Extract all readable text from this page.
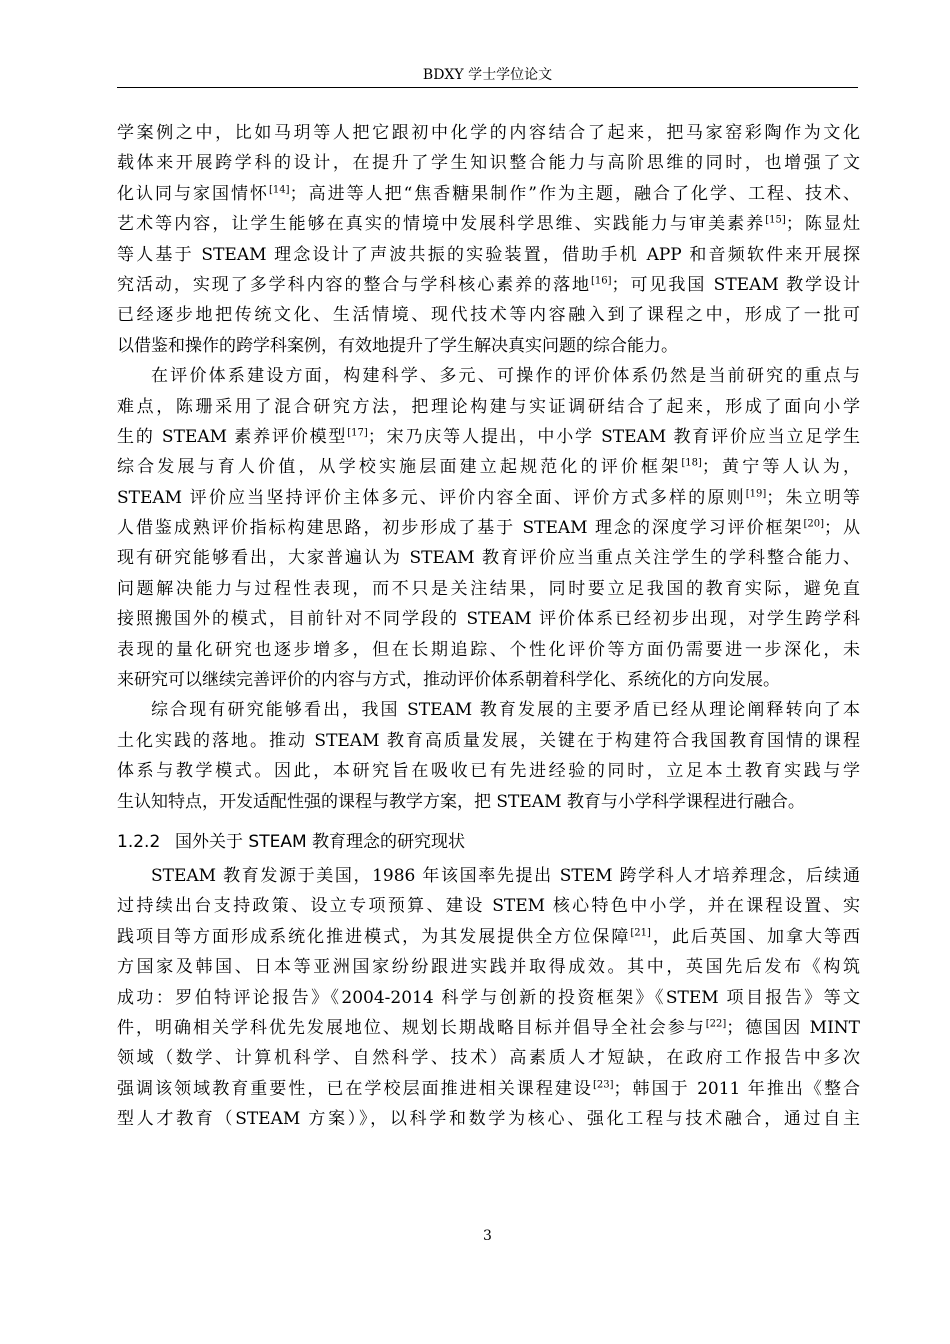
BDXY 学士学位论文
学案例之中，比如马玥等人把它跟初中化学的内容结合了起来，把马家窑彩陶作为文化
载体来开展跨学科的设计，在提升了学生知识整合能力与高阶思维的同时，也增强了文
化认同与家国情怀[14]；高进等人把“焦香糖果制作”作为主题，融合了化学、工程、技术、
艺术等内容，让学生能够在真实的情境中发展科学思维、实践能力与审美素养[15]；陈显灶
等人基于 STEAM 理念设计了声波共振的实验装置，借助手机 APP 和音频软件来开展探
究活动，实现了多学科内容的整合与学科核心素养的落地[16]；可见我国 STEAM 教学设计
已经逐步地把传统文化、生活情境、现代技术等内容融入到了课程之中，形成了一批可
以借鉴和操作的跨学科案例，有效地提升了学生解决真实问题的综合能力。
在评价体系建设方面，构建科学、多元、可操作的评价体系仍然是当前研究的重点与
难点，陈珊采用了混合研究方法，把理论构建与实证调研结合了起来，形成了面向小学
生的 STEAM 素养评价模型[17]；宋乃庆等人提出，中小学 STEAM 教育评价应当立足学生
综合发展与育人价值，从学校实施层面建立起规范化的评价框架[18]；黄宁等人认为，
STEAM 评价应当坚持评价主体多元、评价内容全面、评价方式多样的原则[19]；朱立明等
人借鉴成熟评价指标构建思路，初步形成了基于 STEAM 理念的深度学习评价框架[20]；从
现有研究能够看出，大家普遍认为 STEAM 教育评价应当重点关注学生的学科整合能力、
问题解决能力与过程性表现，而不只是关注结果，同时要立足我国的教育实际，避免直
接照搬国外的模式，目前针对不同学段的 STEAM 评价体系已经初步出现，对学生跨学科
表现的量化研究也逐步增多，但在长期追踪、个性化评价等方面仍需要进一步深化，未
来研究可以继续完善评价的内容与方式，推动评价体系朝着科学化、系统化的方向发展。
综合现有研究能够看出，我国 STEAM 教育发展的主要矛盾已经从理论阐释转向了本
土化实践的落地。推动 STEAM 教育高质量发展，关键在于构建符合我国教育国情的课程
体系与教学模式。因此，本研究旨在吸收已有先进经验的同时，立足本土教育实践与学
生认知特点，开发适配性强的课程与教学方案，把 STEAM 教育与小学科学课程进行融合。
1.2.2 国外关于 STEAM 教育理念的研究现状
STEAM 教育发源于美国，1986 年该国率先提出 STEM 跨学科人才培养理念，后续通
过持续出台支持政策、设立专项预算、建设 STEM 核心特色中小学，并在课程设置、实
践项目等方面形成系统化推进模式，为其发展提供全方位保障[21]，此后英国、加拿大等西
方国家及韩国、日本等亚洲国家纷纷跟进实践并取得成效。其中，英国先后发布《构筑
成功：罗伯特评论报告》《2004-2014 科学与创新的投资框架》《STEM 项目报告》等文
件，明确相关学科优先发展地位、规划长期战略目标并倡导全社会参与[22]；德国因 MINT
领域（数学、计算机科学、自然科学、技术）高素质人才短缺，在政府工作报告中多次
强调该领域教育重要性，已在学校层面推进相关课程建设[23]；韩国于 2011 年推出《整合
型人才教育（STEAM 方案）》，以科学和数学为核心、强化工程与技术融合，通过自主
3
